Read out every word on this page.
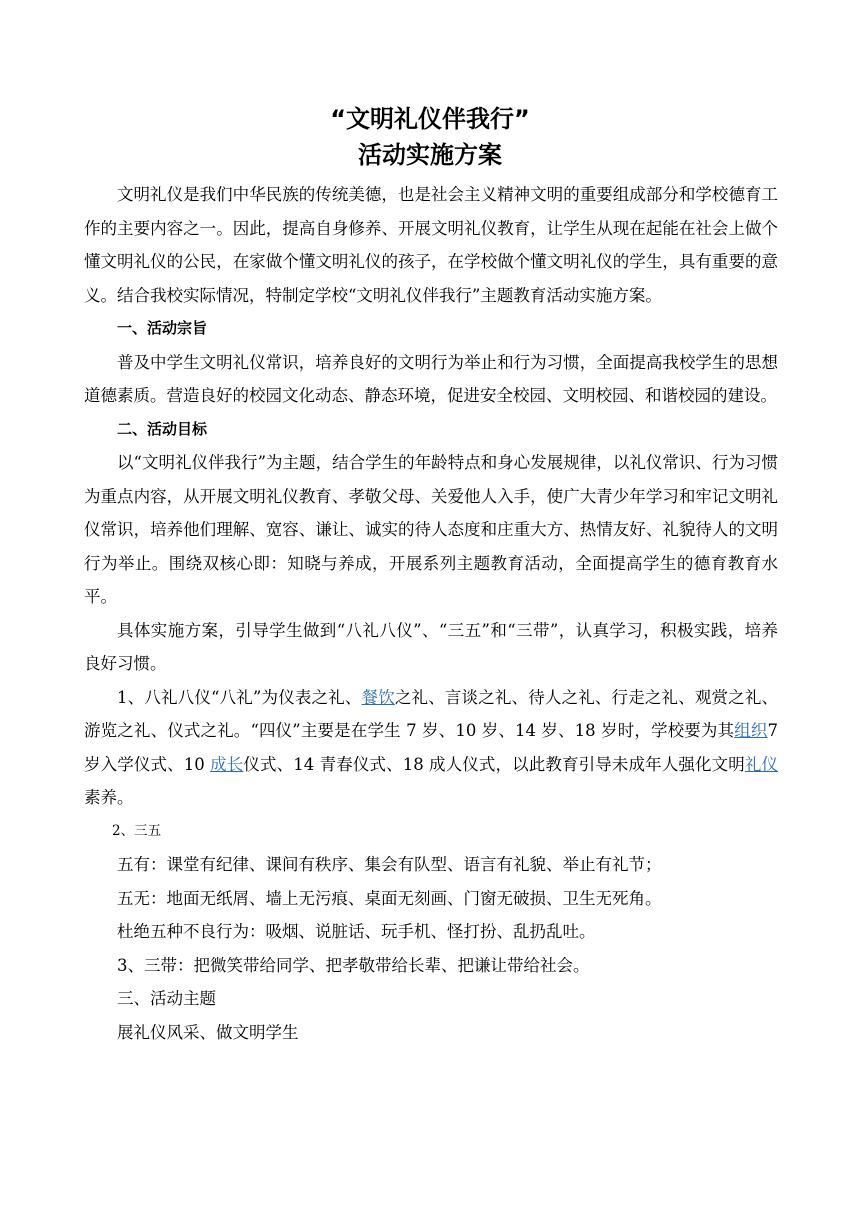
“文明礼仪伴我行”
活动实施方案

文明礼仪是我们中华民族的传统美德，也是社会主义精神文明的重要组成部分和学校德育工作的主要内容之一。因此，提高自身修养、开展文明礼仪教育，让学生从现在起能在社会上做个懂文明礼仪的公民，在家做个懂文明礼仪的孩子，在学校做个懂文明礼仪的学生，具有重要的意义。结合我校实际情况，特制定学校“文明礼仪伴我行”主题教育活动实施方案。

一、活动宗旨

普及中学生文明礼仪常识，培养良好的文明行为举止和行为习惯，全面提高我校学生的思想道德素质。营造良好的校园文化动态、静态环境，促进安全校园、文明校园、和谐校园的建设。

二、活动目标

以“文明礼仪伴我行”为主题，结合学生的年龄特点和身心发展规律，以礼仪常识、行为习惯为重点内容，从开展文明礼仪教育、孝敬父母、关爱他人入手，使广大青少年学习和牢记文明礼仪常识，培养他们理解、宽容、谦让、诚实的待人态度和庄重大方、热情友好、礼貌待人的文明行为举止。围绕双核心即：知晓与养成，开展系列主题教育活动，全面提高学生的德育教育水平。

具体实施方案，引导学生做到“八礼八仪”、“三五”和“三带”，认真学习，积极实践，培养良好习惯。

1、八礼八仪“八礼”为仪表之礼、餐饮之礼、言谈之礼、待人之礼、行走之礼、观赏之礼、游览之礼、仪式之礼。“四仪”主要是在学生 7 岁、10 岁、14 岁、18 岁时，学校要为其组织7 岁入学仪式、10 成长仪式、14 青春仪式、18 成人仪式，以此教育引导未成年人强化文明礼仪素养。

2、三五

五有：课堂有纪律、课间有秩序、集会有队型、语言有礼貌、举止有礼节；

五无：地面无纸屑、墙上无污痕、桌面无刻画、门窗无破损、卫生无死角。

杜绝五种不良行为：吸烟、说脏话、玩手机、怪打扮、乱扔乱吐。

3、三带：把微笑带给同学、把孝敬带给长辈、把谦让带给社会。

三、活动主题

展礼仪风采、做文明学生
